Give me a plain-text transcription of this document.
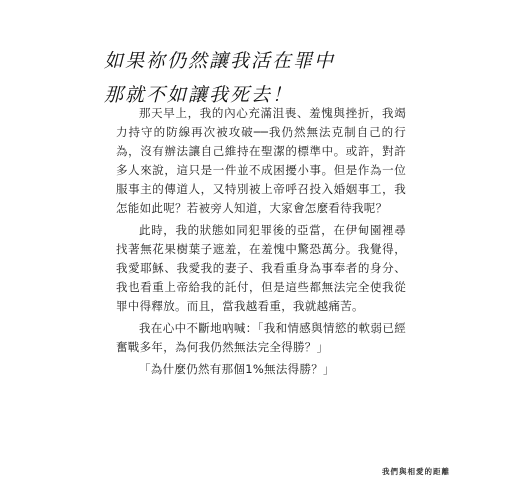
如果祢仍然讓我活在罪中
那就不如讓我死去！

那天早上，我的內心充滿沮喪、羞愧與挫折，我竭力持守的防線再次被攻破──我仍然無法克制自己的行為，沒有辦法讓自己維持在聖潔的標準中。或許，對許多人來說，這只是一件並不成困擾小事。但是作為一位服事主的傳道人，又特別被上帝呼召投入婚姻事工，我怎能如此呢？若被旁人知道，大家會怎麼看待我呢？

此時，我的狀態如同犯罪後的亞當，在伊甸園裡尋找著無花果樹葉子遮羞，在羞愧中驚恐萬分。我覺得，我愛耶穌、我愛我的妻子、我看重身為事奉者的身分、我也看重上帝給我的託付，但是這些都無法完全使我從罪中得釋放。而且，當我越看重，我就越痛苦。

我在心中不斷地吶喊：「我和情感與情慾的軟弱已經奮戰多年，為何我仍然無法完全得勝？」

「為什麼仍然有那個1%無法得勝？」

我們與相愛的距離
